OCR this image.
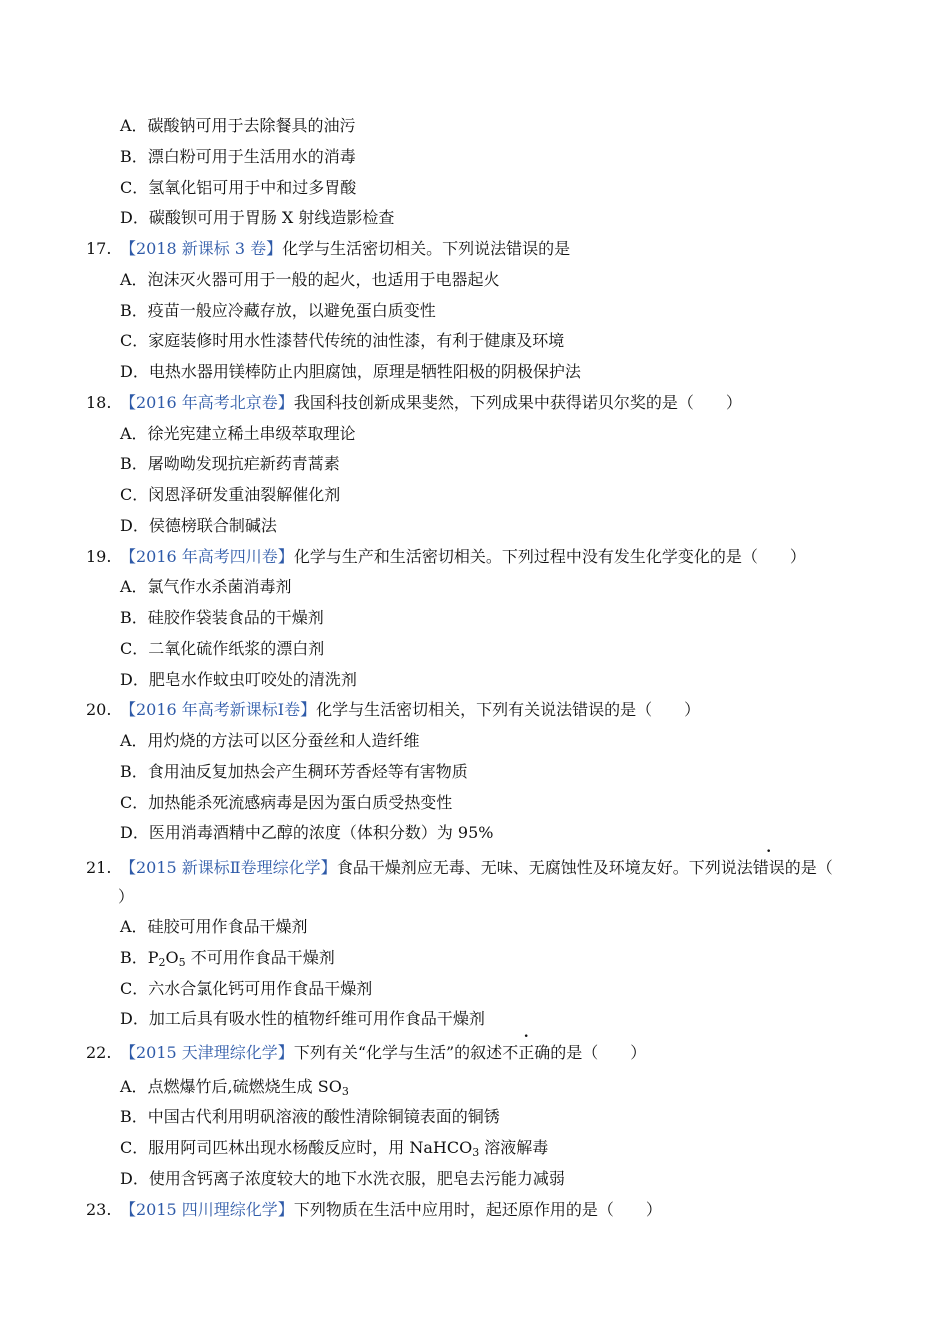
A．碳酸钠可用于去除餐具的油污
B．漂白粉可用于生活用水的消毒
C．氢氧化铝可用于中和过多胃酸
D．碳酸钡可用于胃肠 X 射线造影检查
17. 【2018 新课标 3 卷】化学与生活密切相关。下列说法错误的是
A．泡沫灭火器可用于一般的起火，也适用于电器起火
B．疫苗一般应冷藏存放，以避免蛋白质变性
C．家庭装修时用水性漆替代传统的油性漆，有利于健康及环境
D．电热水器用镁棒防止内胆腐蚀，原理是牺牲阳极的阴极保护法
18. 【2016 年高考北京卷】我国科技创新成果斐然，下列成果中获得诺贝尔奖的是（　　）
A．徐光宪建立稀土串级萃取理论
B．屠呦呦发现抗疟新药青蒿素
C．闵恩泽研发重油裂解催化剂
D．侯德榜联合制碱法
19. 【2016 年高考四川卷】化学与生产和生活密切相关。下列过程中没有发生化学变化的是（　　）
A．氯气作水杀菌消毒剂
B．硅胶作袋装食品的干燥剂
C．二氧化硫作纸浆的漂白剂
D．肥皂水作蚊虫叮咬处的清洗剂
20. 【2016 年高考新课标Ⅰ卷】化学与生活密切相关，下列有关说法错误的是（　　）
A．用灼烧的方法可以区分蚕丝和人造纤维
B．食用油反复加热会产生稠环芳香烃等有害物质
C．加热能杀死流感病毒是因为蛋白质受热变性
D．医用消毒酒精中乙醇的浓度（体积分数）为 95%
21. 【2015 新课标Ⅱ卷理综化学】食品干燥剂应无毒、无味、无腐蚀性及环境友好。下列说法错误的是（
）
A．硅胶可用作食品干燥剂
B．$P_2O_5$ 不可用作食品干燥剂
C．六水合氯化钙可用作食品干燥剂
D．加工后具有吸水性的植物纤维可用作食品干燥剂
22. 【2015 天津理综化学】下列有关“化学与生活”的叙述不正确的是（　　）
A．点燃爆竹后,硫燃烧生成 $SO_3$
B．中国古代利用明矾溶液的酸性清除铜镜表面的铜锈
C．服用阿司匹林出现水杨酸反应时，用 NaHCO$_3$ 溶液解毒
D．使用含钙离子浓度较大的地下水洗衣服，肥皂去污能力减弱
23. 【2015 四川理综化学】下列物质在生活中应用时，起还原作用的是（　　）
